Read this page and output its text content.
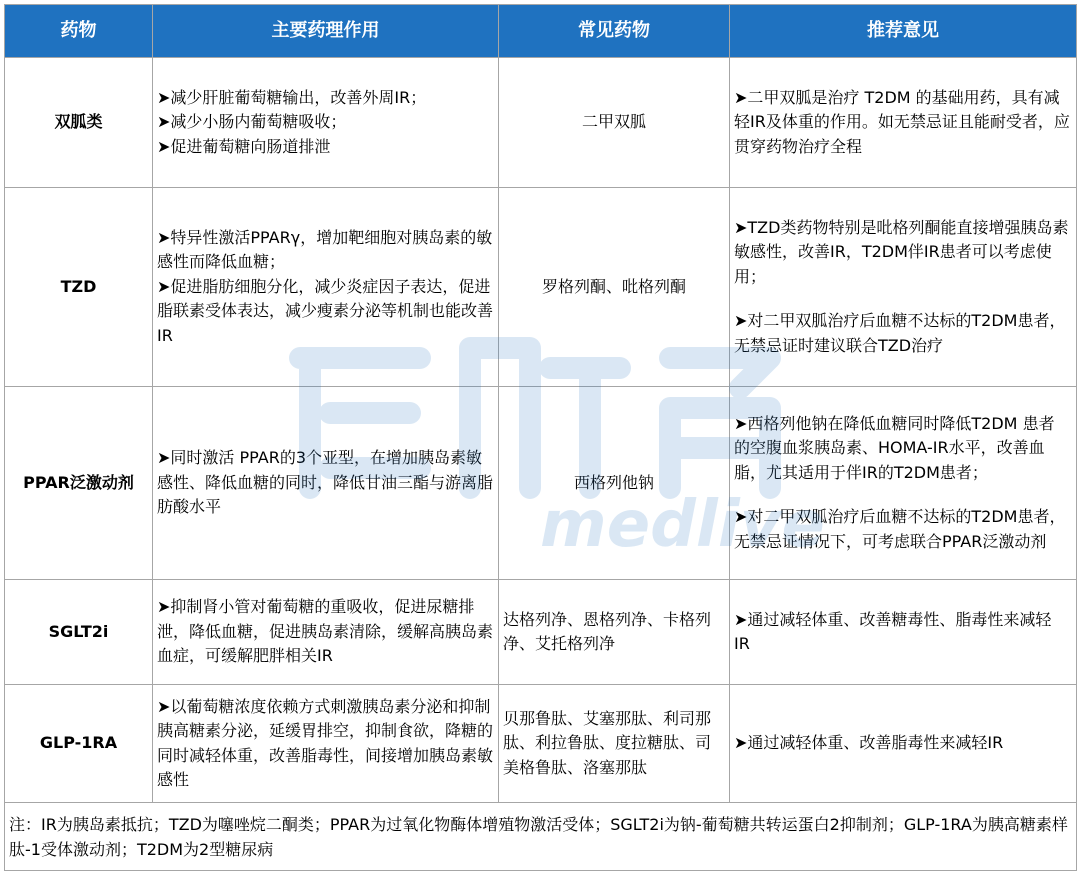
药物	主要药理作用	常见药物	推荐意见
双胍类	➤减少肝脏葡萄糖输出，改善外周IR；
➤减少小肠内葡萄糖吸收；
➤促进葡萄糖向肠道排泄	二甲双胍	➤二甲双胍是治疗 T2DM 的基础用药，具有减轻IR及体重的作用。如无禁忌证且能耐受者，应贯穿药物治疗全程

TZD	➤特异性激活PPARγ，增加靶细胞对胰岛素的敏感性而降低血糖；
➤促进脂肪细胞分化，减少炎症因子表达，促进脂联素受体表达，减少瘦素分泌等机制也能改善IR	罗格列酮、吡格列酮	➤TZD类药物特别是吡格列酮能直接增强胰岛素敏感性，改善IR，T2DM伴IR患者可以考虑使用；
➤对二甲双胍治疗后血糖不达标的T2DM患者，无禁忌证时建议联合TZD治疗

PPAR泛激动剂	➤同时激活 PPAR的3个亚型，在增加胰岛素敏感性、降低血糖的同时，降低甘油三酯与游离脂肪酸水平	西格列他钠	➤西格列他钠在降低血糖同时降低T2DM 患者 的空腹血浆胰岛素、HOMA-IR水平，改善血脂，尤其适用于伴IR的T2DM患者；
➤对二甲双胍治疗后血糖不达标的T2DM患者，无禁忌证情况下，可考虑联合PPAR泛激动剂

SGLT2i	➤抑制肾小管对葡萄糖的重吸收，促进尿糖排泄，降低血糖，促进胰岛素清除，缓解高胰岛素血症，可缓解肥胖相关IR	达格列净、恩格列净、卡格列净、艾托格列净	➤通过减轻体重、改善糖毒性、脂毒性来减轻 IR

GLP-1RA	➤以葡萄糖浓度依赖方式刺激胰岛素分泌和抑制胰高糖素分泌，延缓胃排空，抑制食欲，降糖的同时减轻体重，改善脂毒性，间接增加胰岛素敏感性	贝那鲁肽、艾塞那肽、利司那肽、利拉鲁肽、度拉糖肽、司美格鲁肽、洛塞那肽	➤通过减轻体重、改善脂毒性来减轻IR

注：IR为胰岛素抵抗；TZD为噻唑烷二酮类；PPAR为过氧化物酶体增殖物激活受体；SGLT2i为钠-葡萄糖共转运蛋白2抑制剂；GLP-1RA为胰高糖素样肽-1受体激动剂；T2DM为2型糖尿病			
medlive
